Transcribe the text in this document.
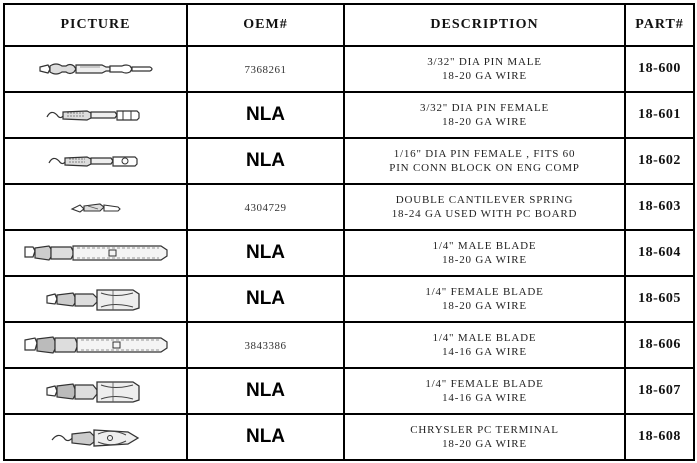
PICTURE	OEM#	DESCRIPTION	PART#

	7368261	3/32" DIA PIN MALE
18-20 GA WIRE	18-600

	NLA	3/32" DIA PIN FEMALE
18-20 GA WIRE	18-601

	NLA	1/16" DIA PIN FEMALE , FITS 60
PIN CONN BLOCK ON ENG COMP	18-602

	4304729	DOUBLE CANTILEVER SPRING
18-24 GA USED WITH PC BOARD	18-603

	NLA	1/4" MALE BLADE
18-20 GA WIRE	18-604

	NLA	1/4" FEMALE BLADE
18-20 GA WIRE	18-605

	3843386	1/4" MALE BLADE
14-16 GA WIRE	18-606

	NLA	1/4" FEMALE BLADE
14-16 GA WIRE	18-607

	NLA	CHRYSLER PC TERMINAL
18-20 GA WIRE	18-608
